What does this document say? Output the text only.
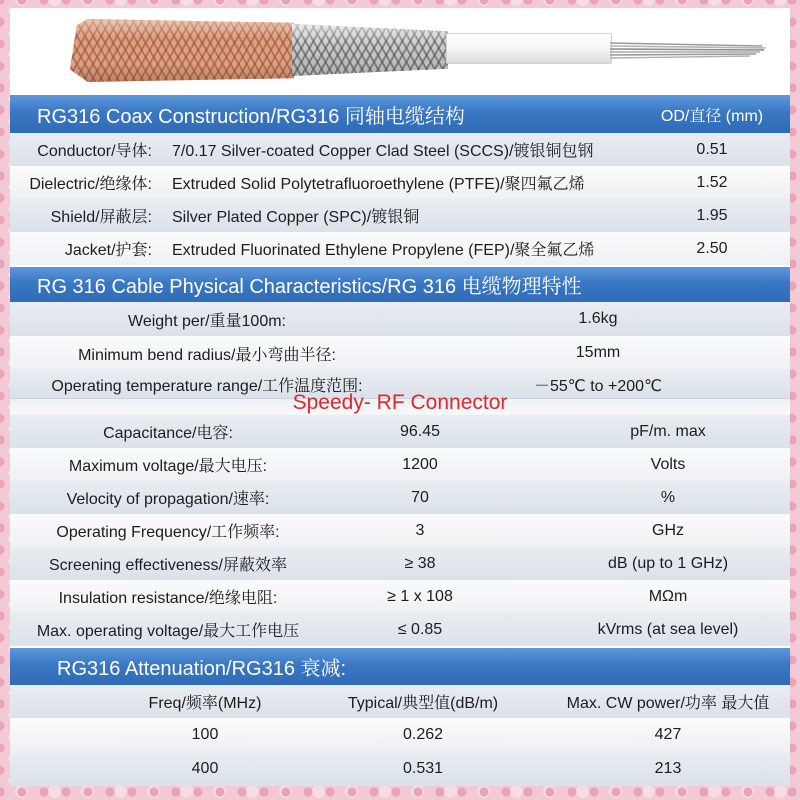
RG316 Coax Construction/RG316 同轴电缆结构	OD/直径 (mm)
Conductor/导体: 7/0.17 Silver-coated Copper Clad Steel (SCCS)/镀银铜包钢	0.51
Dielectric/绝缘体: Extruded Solid Polytetrafluoroethylene (PTFE)/聚四氟乙烯	1.52
Shield/屏蔽层: Silver Plated Copper (SPC)/镀银铜	1.95
Jacket/护套: Extruded Fluorinated Ethylene Propylene (FEP)/聚全氟乙烯	2.50
RG 316 Cable Physical Characteristics/RG 316 电缆物理特性
Weight per/重量100m:	1.6kg
Minimum bend radius/最小弯曲半径:	15mm
Operating temperature range/工作温度范围:	－55℃ to +200℃
Capacitance/电容:	96.45	pF/m. max
Maximum voltage/最大电压:	1200	Volts
Velocity of propagation/速率:	70	%
Operating Frequency/工作频率:	3	GHz
Screening effectiveness/屏蔽效率	≥ 38	dB (up to 1 GHz)
Insulation resistance/绝缘电阻:	≥ 1 x 108	MΩm
Max. operating voltage/最大工作电压	≤ 0.85	kVrms (at sea level)
RG316 Attenuation/RG316 衰减:
Freq/频率(MHz)	Typical/典型值(dB/m)	Max. CW power/功率 最大值
100	0.262	427
400	0.531	213
Speedy- RF Connector
